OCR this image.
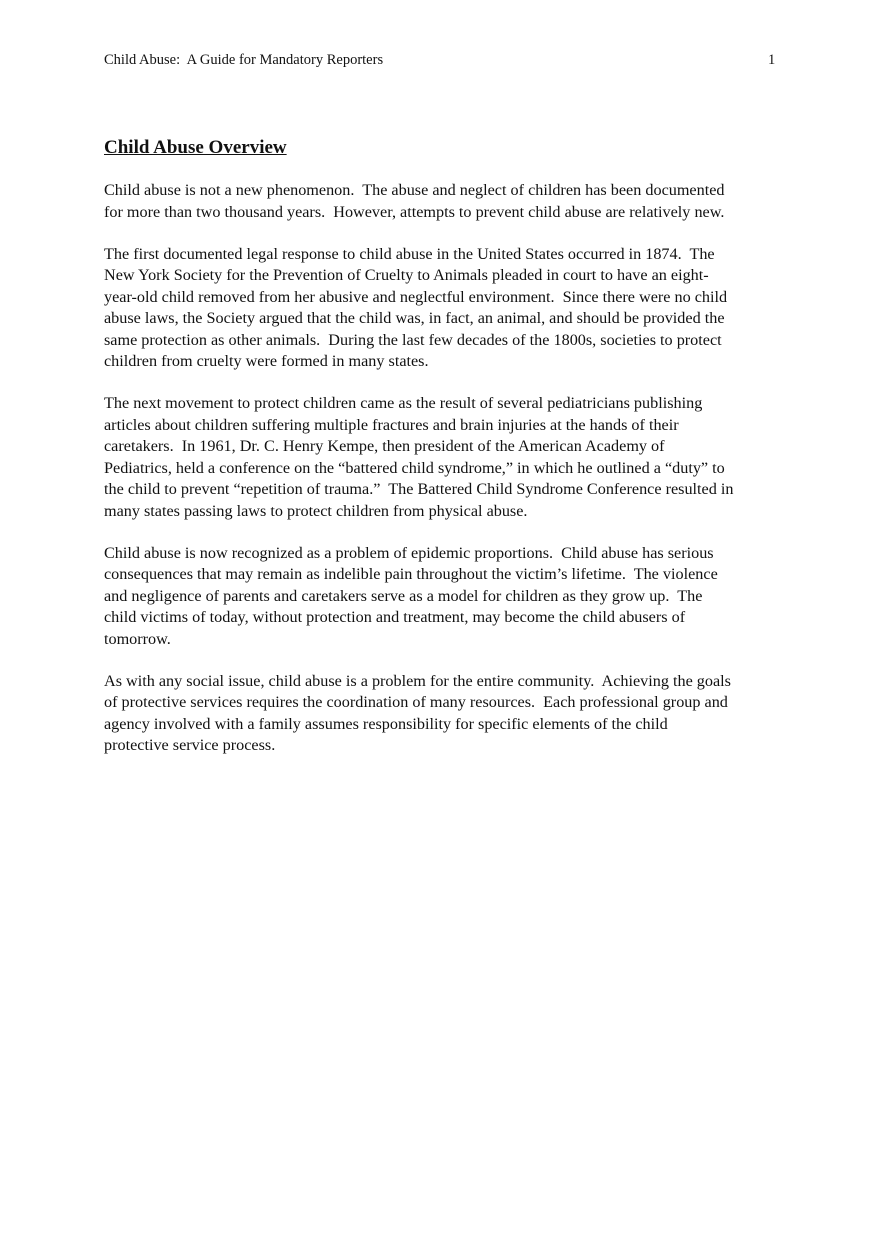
Child Abuse:  A Guide for Mandatory Reporters	1
Child Abuse Overview

Child abuse is not a new phenomenon.  The abuse and neglect of children has been documented
for more than two thousand years.  However, attempts to prevent child abuse are relatively new.

The first documented legal response to child abuse in the United States occurred in 1874.  The
New York Society for the Prevention of Cruelty to Animals pleaded in court to have an eight-
year-old child removed from her abusive and neglectful environment.  Since there were no child
abuse laws, the Society argued that the child was, in fact, an animal, and should be provided the
same protection as other animals.  During the last few decades of the 1800s, societies to protect
children from cruelty were formed in many states.

The next movement to protect children came as the result of several pediatricians publishing
articles about children suffering multiple fractures and brain injuries at the hands of their
caretakers.  In 1961, Dr. C. Henry Kempe, then president of the American Academy of
Pediatrics, held a conference on the “battered child syndrome,” in which he outlined a “duty” to
the child to prevent “repetition of trauma.”  The Battered Child Syndrome Conference resulted in
many states passing laws to protect children from physical abuse.

Child abuse is now recognized as a problem of epidemic proportions.  Child abuse has serious
consequences that may remain as indelible pain throughout the victim’s lifetime.  The violence
and negligence of parents and caretakers serve as a model for children as they grow up.  The
child victims of today, without protection and treatment, may become the child abusers of
tomorrow.

As with any social issue, child abuse is a problem for the entire community.  Achieving the goals
of protective services requires the coordination of many resources.  Each professional group and
agency involved with a family assumes responsibility for specific elements of the child
protective service process.
